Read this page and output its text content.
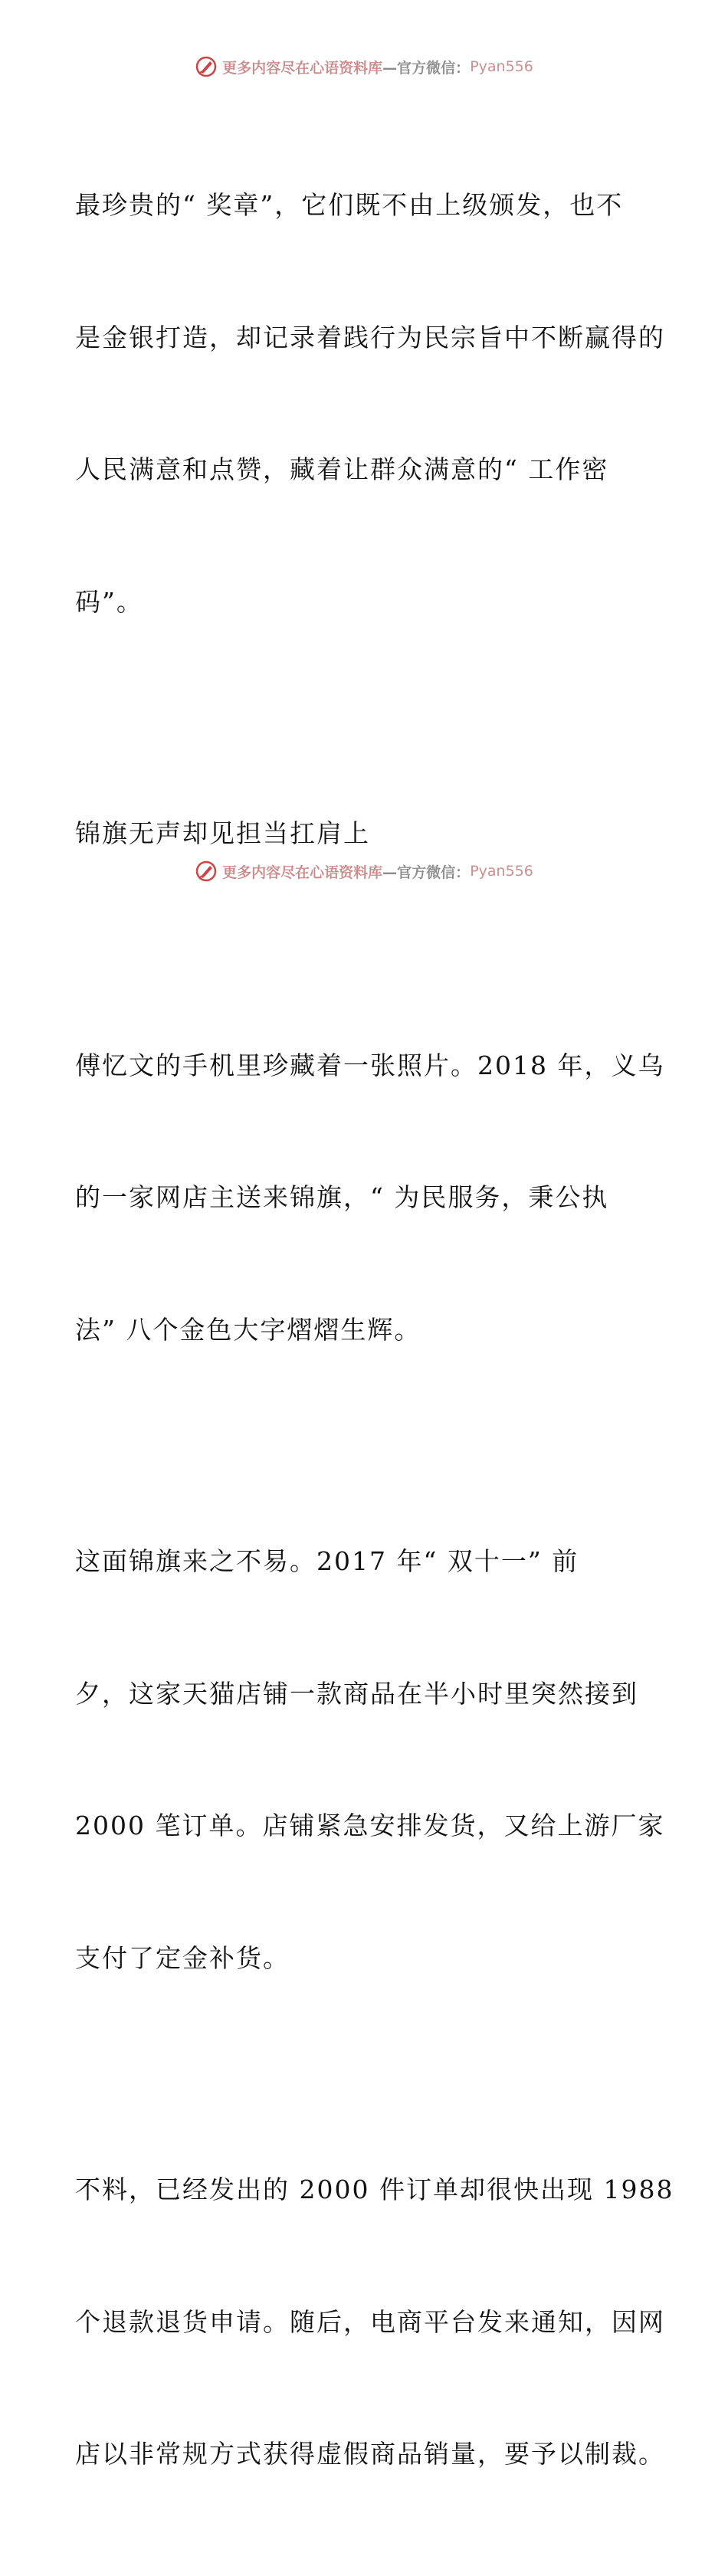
更多内容尽在心语资料库 —官方微信： Pyan556

最珍贵的“ 奖章”，它们既不由上级颁发，也不

是金银打造，却记录着践行为民宗旨中不断赢得的

人民满意和点赞，藏着让群众满意的“ 工作密

码”。

锦旗无声却见担当扛肩上

傅忆文的手机里珍藏着一张照片。2018 年，义乌

的一家网店主送来锦旗，“ 为民服务，秉公执

法” 八个金色大字熠熠生辉。

这面锦旗来之不易。2017 年“ 双十一” 前

夕，这家天猫店铺一款商品在半小时里突然接到

2000 笔订单。店铺紧急安排发货，又给上游厂家

支付了定金补货。

不料，已经发出的 2000 件订单却很快出现 1988

个退款退货申请。随后，电商平台发来通知，因网

店以非常规方式获得虚假商品销量，要予以制裁。

更多内容尽在心语资料库 —官方微信： Pyan556
